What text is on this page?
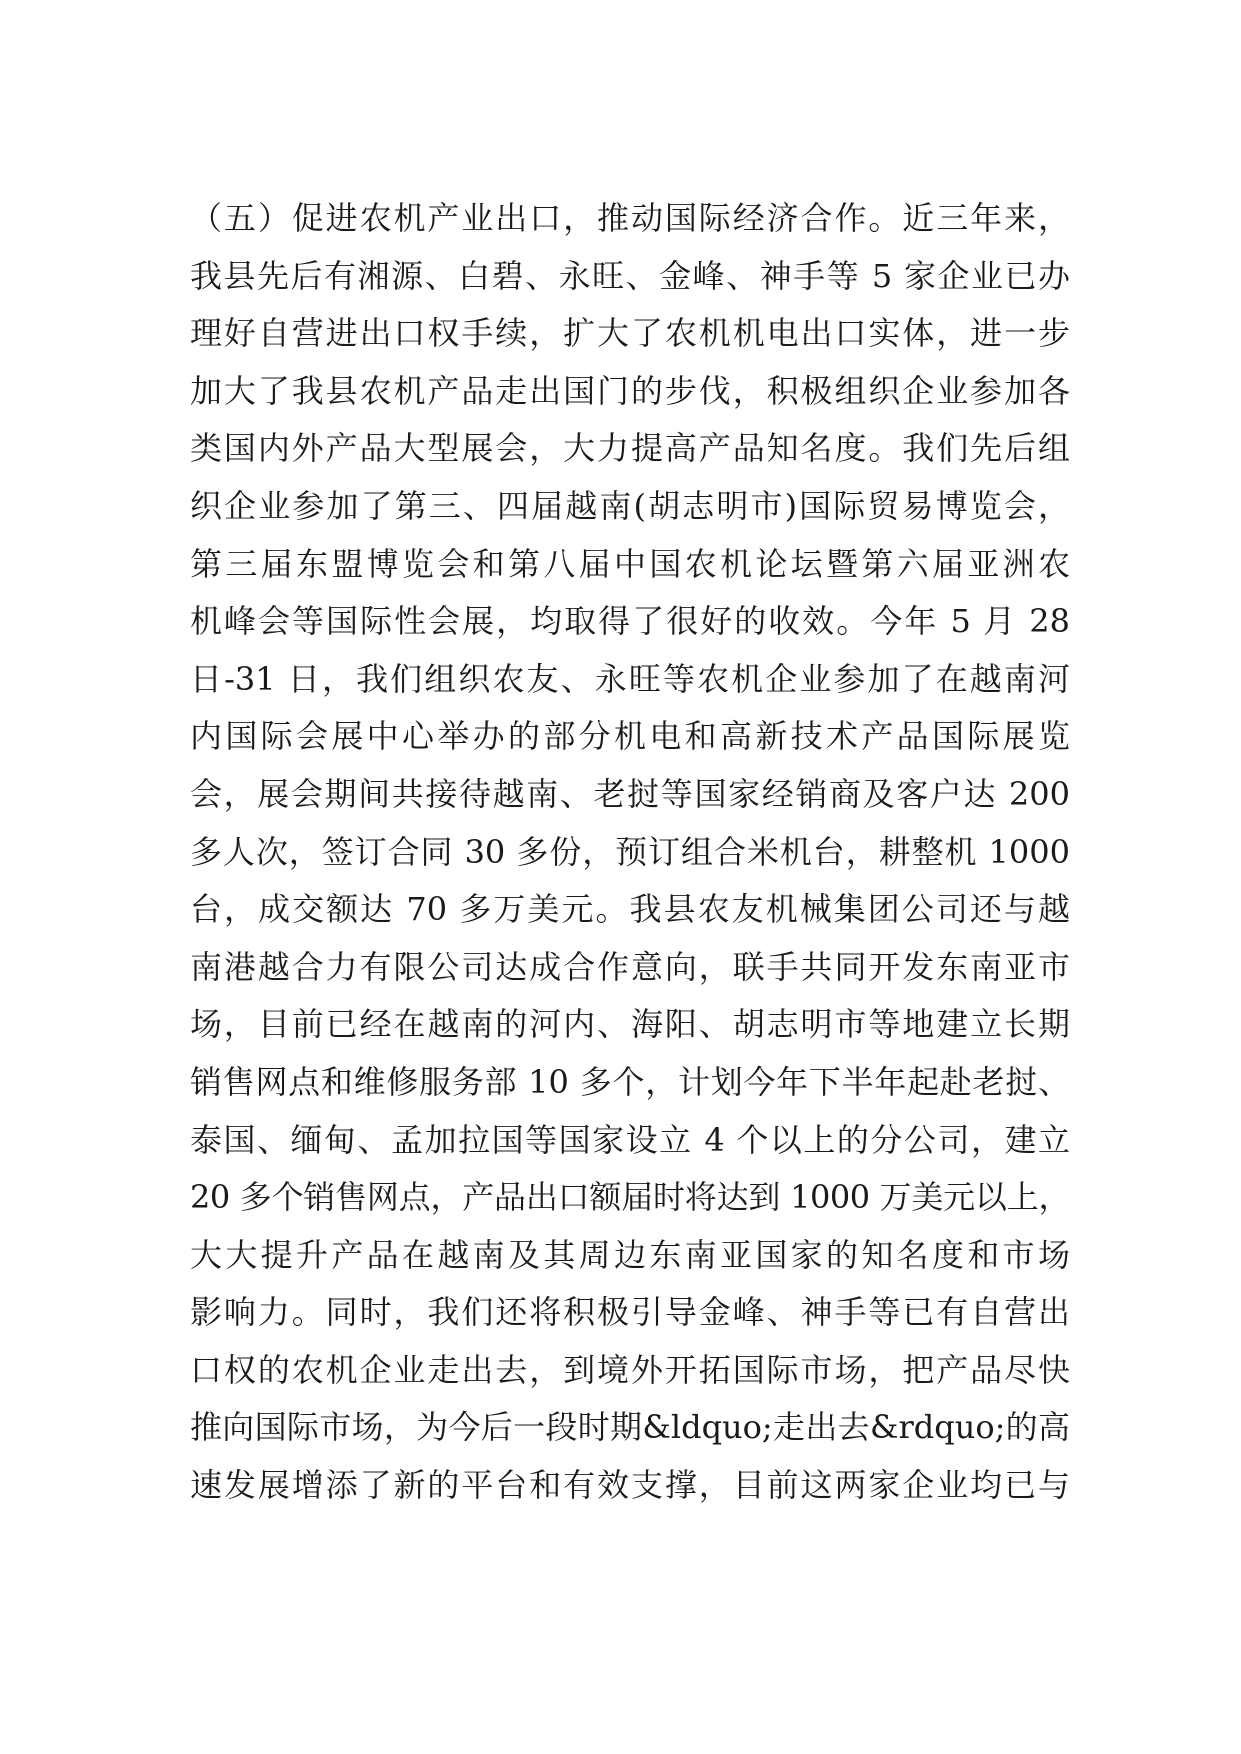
（五）促进农机产业出口，推动国际经济合作。近三年来，
我县先后有湘源、白碧、永旺、金峰、神手等 5 家企业已办
理好自营进出口权手续，扩大了农机机电出口实体，进一步
加大了我县农机产品走出国门的步伐，积极组织企业参加各
类国内外产品大型展会，大力提高产品知名度。我们先后组
织企业参加了第三、四届越南(胡志明市)国际贸易博览会，
第三届东盟博览会和第八届中国农机论坛暨第六届亚洲农
机峰会等国际性会展，均取得了很好的收效。今年 5 月 28
日-31 日，我们组织农友、永旺等农机企业参加了在越南河
内国际会展中心举办的部分机电和高新技术产品国际展览
会，展会期间共接待越南、老挝等国家经销商及客户达 200
多人次，签订合同 30 多份，预订组合米机台，耕整机 1000
台，成交额达 70 多万美元。我县农友机械集团公司还与越
南港越合力有限公司达成合作意向，联手共同开发东南亚市
场，目前已经在越南的河内、海阳、胡志明市等地建立长期
销售网点和维修服务部 10 多个，计划今年下半年起赴老挝、
泰国、缅甸、孟加拉国等国家设立 4 个以上的分公司，建立
20 多个销售网点，产品出口额届时将达到 1000 万美元以上，
大大提升产品在越南及其周边东南亚国家的知名度和市场
影响力。同时，我们还将积极引导金峰、神手等已有自营出
口权的农机企业走出去，到境外开拓国际市场，把产品尽快
推向国际市场，为今后一段时期&ldquo;走出去&rdquo;的高
速发展增添了新的平台和有效支撑，目前这两家企业均已与
